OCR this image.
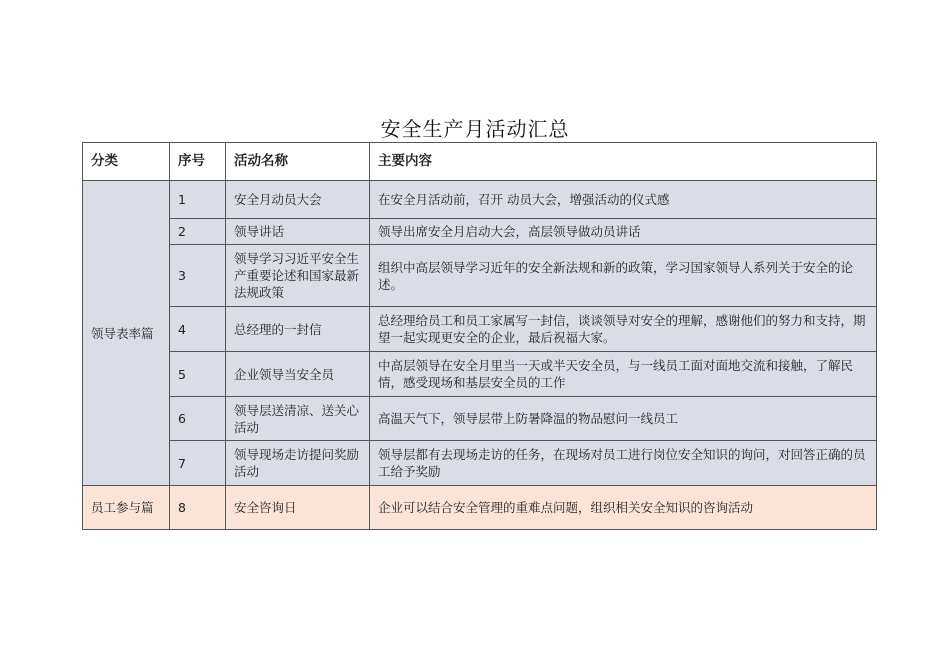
安全生产月活动汇总
分类	序号	活动名称	主要内容
领导表率篇	1	安全月动员大会	在安全月活动前，召开 动员大会，增强活动的仪式感
	2	领导讲话	领导出席安全月启动大会，高层领导做动员讲话
	3	领导学习习近平安全生产重要论述和国家最新法规政策	组织中高层领导学习近年的安全新法规和新的政策，学习国家领导人系列关于安全的论述。
	4	总经理的一封信	总经理给员工和员工家属写一封信，谈谈领导对安全的理解，感谢他们的努力和支持，期望一起实现更安全的企业，最后祝福大家。
	5	企业领导当安全员	中高层领导在安全月里当一天或半天安全员，与一线员工面对面地交流和接触，了解民情，感受现场和基层安全员的工作
	6	领导层送清凉、送关心活动	高温天气下，领导层带上防暑降温的物品慰问一线员工
	7	领导现场走访提问奖励活动	领导层都有去现场走访的任务，在现场对员工进行岗位安全知识的询问，对回答正确的员工给予奖励
员工参与篇	8	安全咨询日	企业可以结合安全管理的重难点问题，组织相关安全知识的咨询活动
